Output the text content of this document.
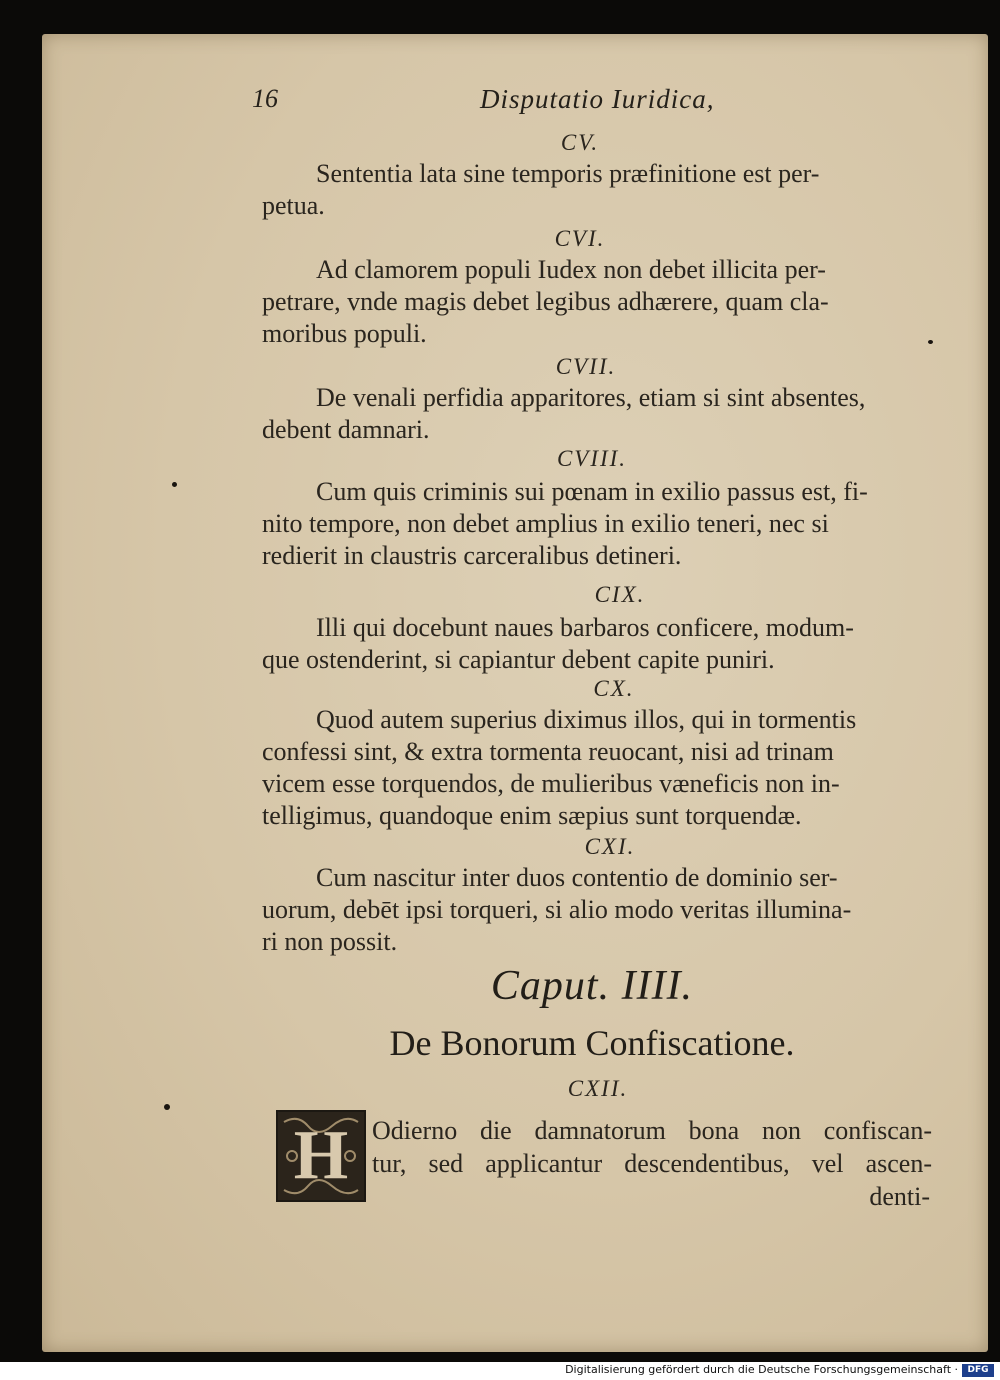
16	Disputatio Iuridica,
CV.
Sententia lata sine temporis præfinitione est per-
petua.
CVI.
Ad clamorem populi Iudex non debet illicita per-
petrare, vnde magis debet legibus adhærere, quam cla-
moribus populi.
CVII.
De venali perfidia apparitores, etiam si sint absentes,
debent damnari.
CVIII.
Cum quis criminis sui pœnam in exilio passus est, fi-
nito tempore, non debet amplius in exilio teneri, nec si
redierit in claustris carceralibus detineri.
CIX.
Illi qui docebunt naues barbaros conficere, modum-
que ostenderint, si capiantur debent capite puniri.
CX.
Quod autem superius diximus illos, qui in tormentis
confessi sint, & extra tormenta reuocant, nisi ad trinam
vicem esse torquendos, de mulieribus væneficis non in-
telligimus, quandoque enim sæpius sunt torquendæ.
CXI.
Cum nascitur inter duos contentio de dominio ser-
uorum, debēt ipsi torqueri, si alio modo veritas illumina-
ri non possit.
Caput. IIII.
De Bonorum Confiscatione.
CXII.
H Odierno die damnatorum bona non confiscan-
tur, sed applicantur descendentibus, vel ascen-
denti-
Digitalisierung gefördert durch die Deutsche Forschungsgemeinschaft ·	DFG
